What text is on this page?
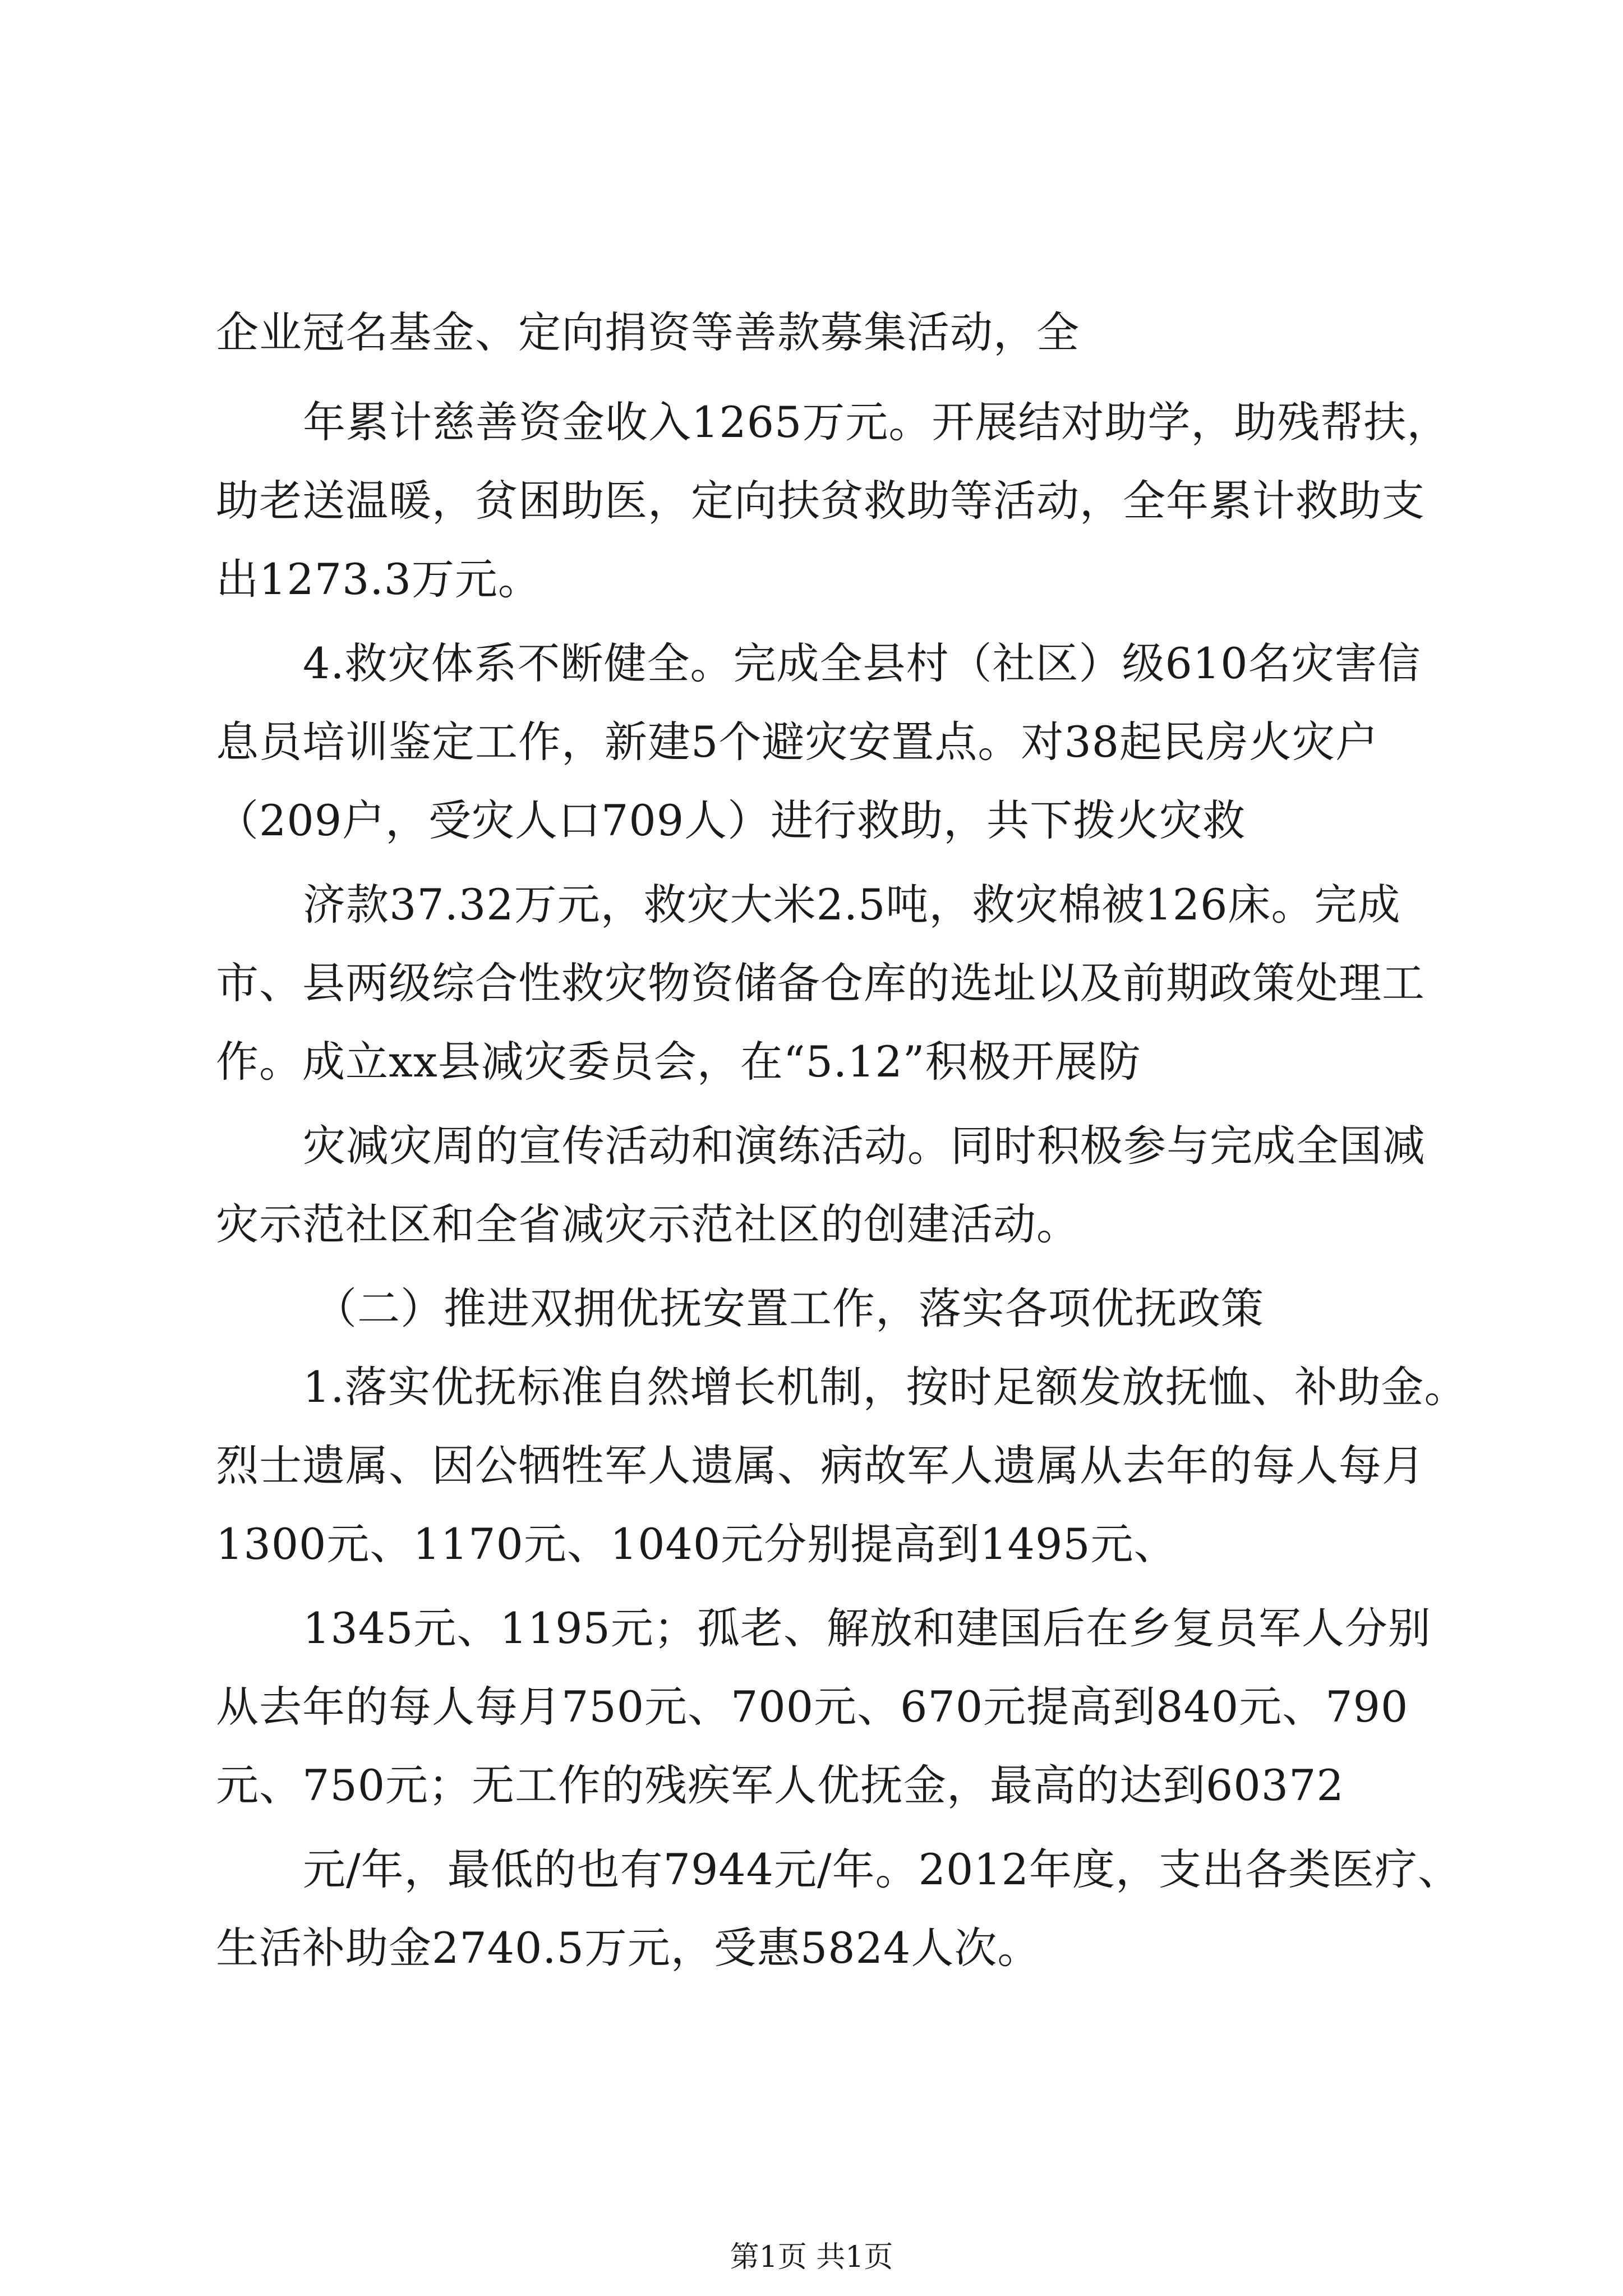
企业冠名基金、定向捐资等善款募集活动，全
年累计慈善资金收入1265万元。开展结对助学，助残帮扶，
助老送温暖，贫困助医，定向扶贫救助等活动，全年累计救助支
出1273.3万元。
4.救灾体系不断健全。完成全县村（社区）级610名灾害信
息员培训鉴定工作，新建5个避灾安置点。对38起民房火灾户
（209户，受灾人口709人）进行救助，共下拨火灾救
济款37.32万元，救灾大米2.5吨，救灾棉被126床。完成
市、县两级综合性救灾物资储备仓库的选址以及前期政策处理工
作。成立xx县减灾委员会，在“5.12”积极开展防
灾减灾周的宣传活动和演练活动。同时积极参与完成全国减
灾示范社区和全省减灾示范社区的创建活动。
（二）推进双拥优抚安置工作，落实各项优抚政策
1.落实优抚标准自然增长机制，按时足额发放抚恤、补助金。
烈士遗属、因公牺牲军人遗属、病故军人遗属从去年的每人每月
1300元、1170元、1040元分别提高到1495元、
1345元、1195元；孤老、解放和建国后在乡复员军人分别
从去年的每人每月750元、700元、670元提高到840元、790
元、750元；无工作的残疾军人优抚金，最高的达到60372
元/年，最低的也有7944元/年。2012年度，支出各类医疗、
生活补助金2740.5万元，受惠5824人次。
第1页 共1页
